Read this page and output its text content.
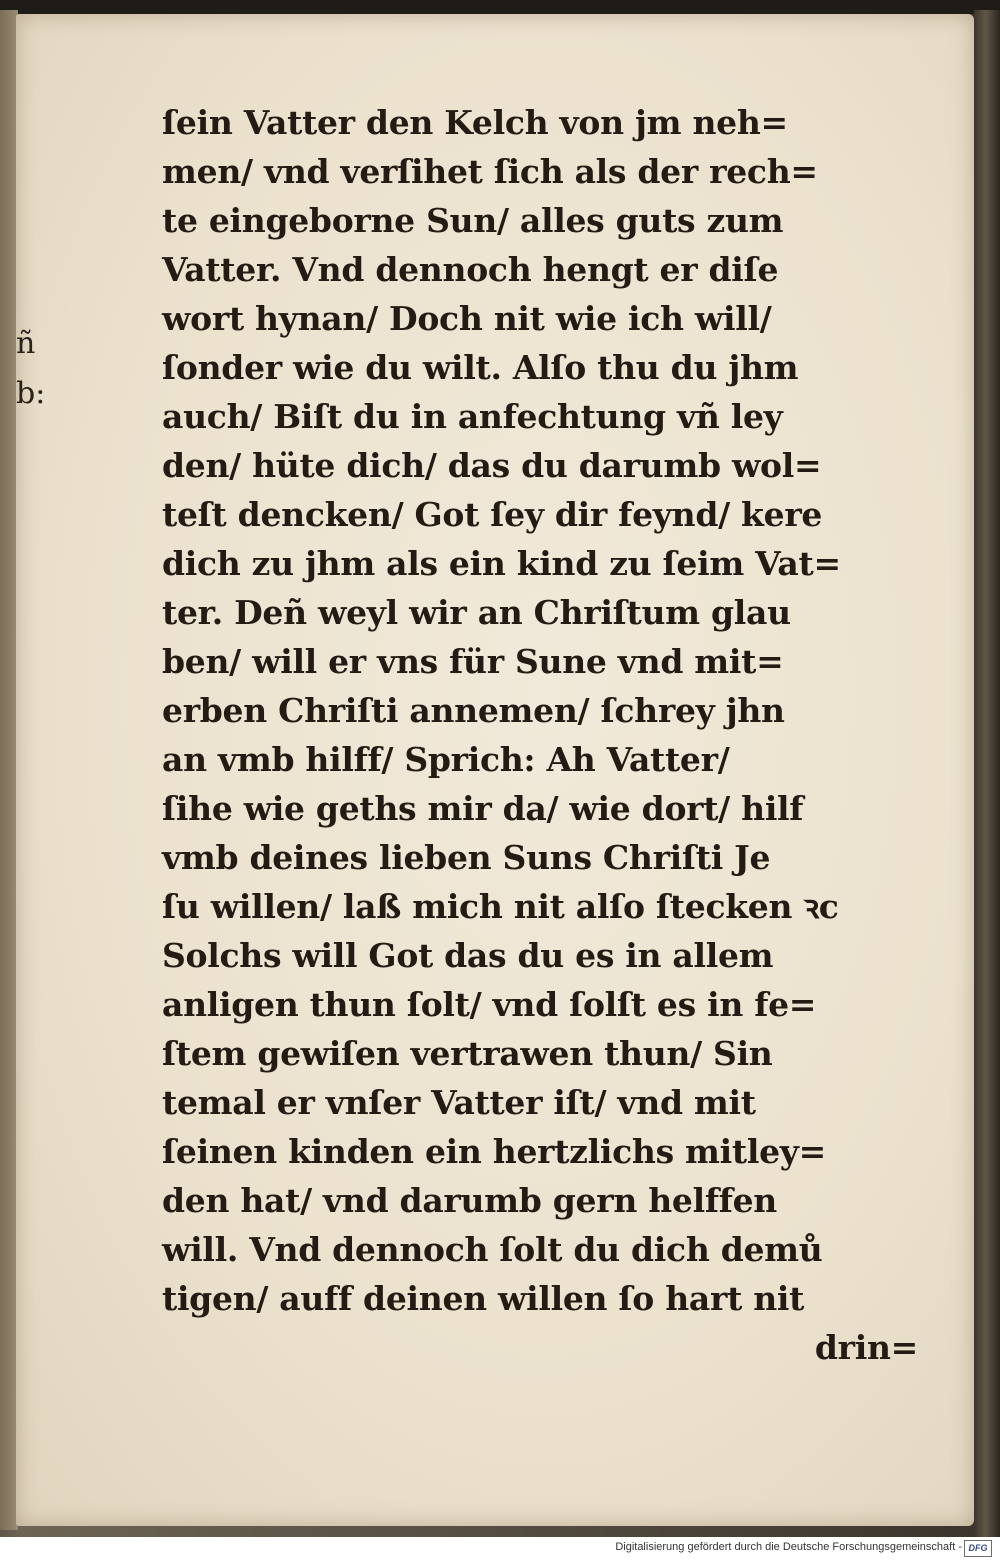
ñ
b:
ſein Vatter den Kelch von jm neh=
men/ vnd verſihet ſich als der rech=
te eingeborne Sun/ alles guts zum
Vatter. Vnd dennoch hengt er diſe
wort hynan/ Doch nit wie ich will/
ſonder wie du wilt. Alſo thu du jhm
auch/ Biſt du in anfechtung vñ ley
den/ hüte dich/ das du darumb wol=
teſt dencken/ Got ſey dir feynd/ kere
dich zu jhm als ein kind zu ſeim Vat=
ter. Deñ weyl wir an Chriſtum glau
ben/ will er vns für Sune vnd mit=
erben Chriſti annemen/ ſchrey jhn
an vmb hilff/ Sprich: Ah Vatter/
ſihe wie geths mir da/ wie dort/ hilf
vmb deines lieben Suns Chriſti Je
ſu willen/ laß mich nit alſo ſtecken ꝛc
Solchs will Got das du es in allem
anligen thun ſolt/ vnd ſolſt es in fe=
ſtem gewiſen vertrawen thun/ Sin
temal er vnſer Vatter iſt/ vnd mit
ſeinen kinden ein hertzlichs mitley=
den hat/ vnd darumb gern helffen
will. Vnd dennoch ſolt du dich demů
tigen/ auff deinen willen ſo hart nit
drin=
Digitalisierung gefördert durch die Deutsche Forschungsgemeinschaft - DFG
